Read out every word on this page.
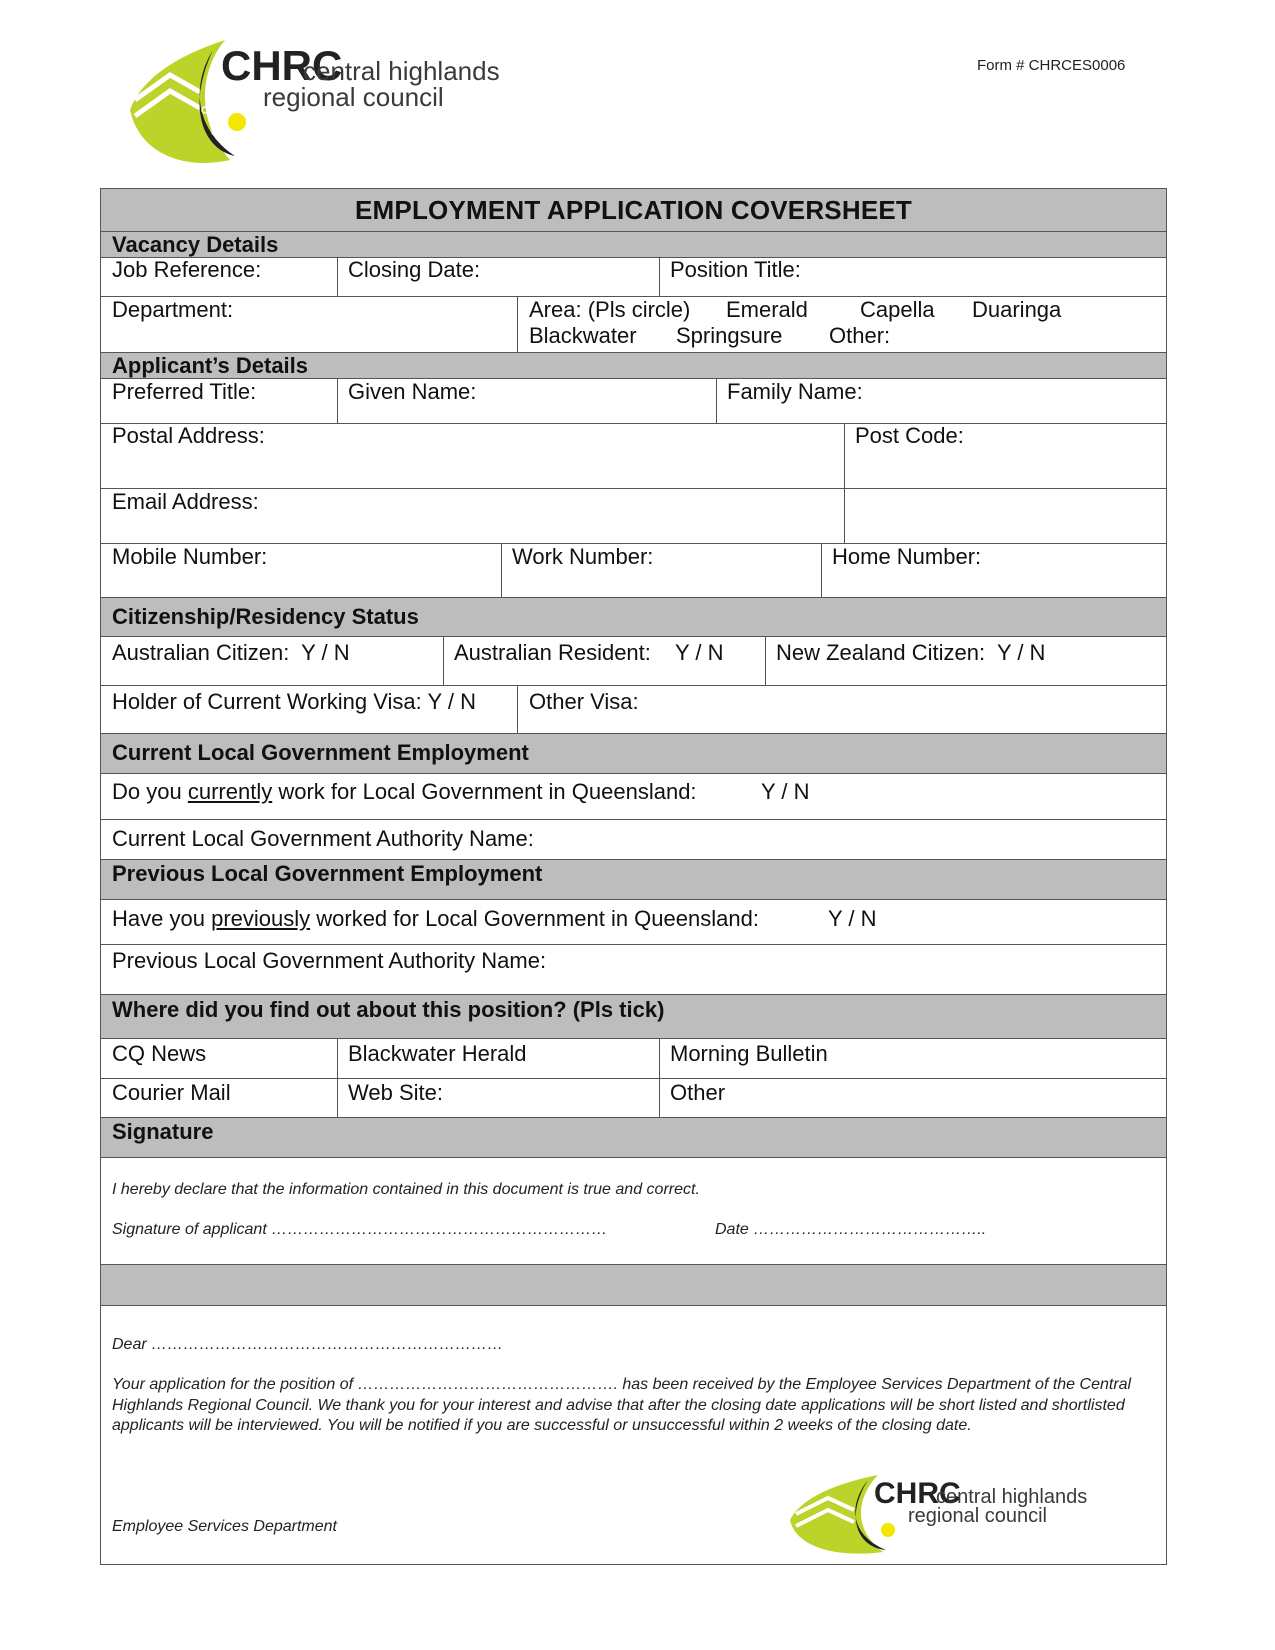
CHRC
central highlands
regional council
Form # CHRCES0006
EMPLOYMENT APPLICATION COVERSHEET
Vacancy Details
Job Reference:	Closing Date:	Position Title:
Department:	Area: (Pls circle) Emerald Capella Duaringa
Blackwater Springsure Other:
Applicant’s Details
Preferred Title:	Given Name:	Family Name:
Postal Address:	Post Code:
Email Address:
Mobile Number:	Work Number:	Home Number:
Citizenship/Residency Status
Australian Citizen: Y / N	Australian Resident: Y / N New Zealand Citizen: Y / N
Holder of Current Working Visa: Y / N Other Visa:
Current Local Government Employment
Do you currently work for Local Government in Queensland:	Y / N
Current Local Government Authority Name:
Previous Local Government Employment
Have you previously worked for Local Government in Queensland:	Y / N
Previous Local Government Authority Name:
Where did you find out about this position? (Pls tick)
CQ News	Blackwater Herald	Morning Bulletin
Courier Mail	Web Site:	Other
Signature
I hereby declare that the information contained in this document is true and correct.
Signature of applicant ………………………………………………………	Date ……………………………………..
Dear …………………………………………………………
Your application for the position of …………………………………………. has been received by the Employee Services Department of the Central Highlands Regional Council. We thank you for your interest and advise that after the closing date applications will be short listed and shortlisted applicants will be interviewed. You will be notified if you are successful or unsuccessful within 2 weeks of the closing date.
Employee Services Department
CHRC
central highlands
regional council
